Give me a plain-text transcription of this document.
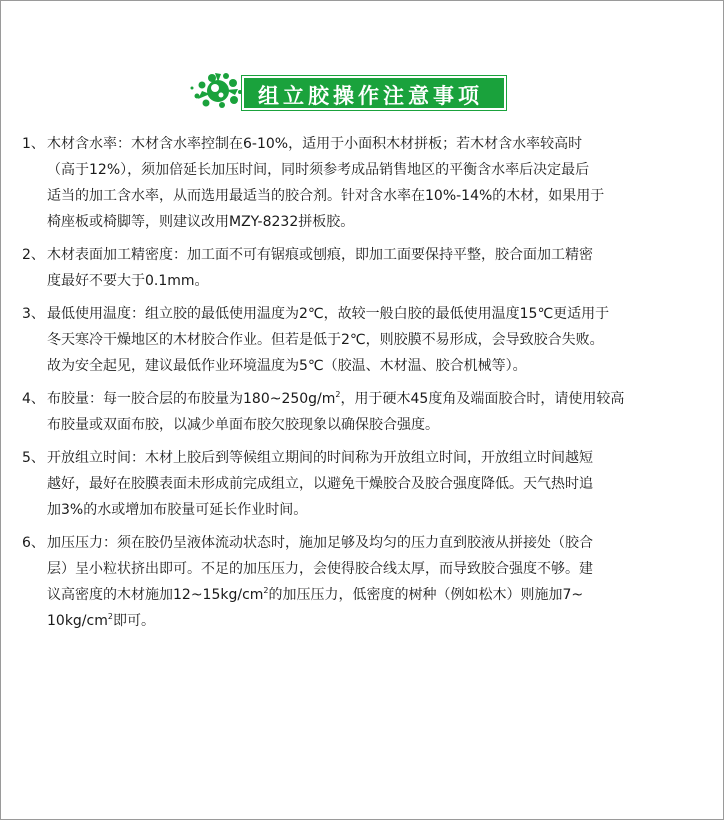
组立胶操作注意事项
1、 木材含水率：木材含水率控制在6-10%，适用于小面积木材拼板；若木材含水率较高时
（高于12%），须加倍延长加压时间，同时须参考成品销售地区的平衡含水率后决定最后
适当的加工含水率，从而选用最适当的胶合剂。针对含水率在10%-14%的木材，如果用于
椅座板或椅脚等，则建议改用MZY-8232拼板胶。
2、 木材表面加工精密度：加工面不可有锯痕或刨痕，即加工面要保持平整，胶合面加工精密
度最好不要大于0.1mm。
3、 最低使用温度：组立胶的最低使用温度为2℃，故较一般白胶的最低使用温度15℃更适用于
冬天寒冷干燥地区的木材胶合作业。但若是低于2℃，则胶膜不易形成，会导致胶合失败。
故为安全起见，建议最低作业环境温度为5℃（胶温、木材温、胶合机械等）。
4、 布胶量：每一胶合层的布胶量为$180\sim 250g/m^2$，用于硬木45度角及端面胶合时，请使用较高
布胶量或双面布胶，以减少单面布胶欠胶现象以确保胶合强度。
5、 开放组立时间：木材上胶后到等候组立期间的时间称为开放组立时间，开放组立时间越短
越好，最好在胶膜表面未形成前完成组立，以避免干燥胶合及胶合强度降低。天气热时追
加3%的水或增加布胶量可延长作业时间。
6、 加压压力：须在胶仍呈液体流动状态时，施加足够及均匀的压力直到胶液从拼接处（胶合
层）呈小粒状挤出即可。不足的加压压力，会使得胶合线太厚，而导致胶合强度不够。建
议高密度的木材施加$12\sim 15kg/cm^2$的加压压力，低密度的树种（例如松木）则施加7~
$10kg/cm^2$即可。
